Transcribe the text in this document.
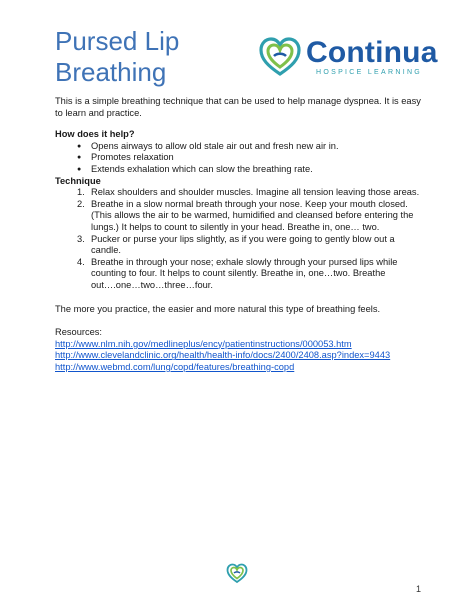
Pursed Lip Breathing
Continua
HOSPICE LEARNING

This is a simple breathing technique that can be used to help manage dyspnea. It is easy to learn and practice.

How does it help?

● Opens airways to allow old stale air out and fresh new air in.
● Promotes relaxation
● Extends exhalation which can slow the breathing rate.

Technique

1. Relax shoulders and shoulder muscles. Imagine all tension leaving those areas.
2. Breathe in a slow normal breath through your nose. Keep your mouth closed. (This allows the air to be warmed, humidified and cleansed before entering the lungs.) It helps to count to silently in your head. Breathe in, one… two.
3. Pucker or purse your lips slightly, as if you were going to gently blow out a candle.
4. Breathe in through your nose; exhale slowly through your pursed lips while counting to four. It helps to count silently. Breathe in, one…two. Breathe out….one…two…three…four.

The more you practice, the easier and more natural this type of breathing feels.

Resources:

http://www.nlm.nih.gov/medlineplus/ency/patientinstructions/000053.htm
http://www.clevelandclinic.org/health/health-info/docs/2400/2408.asp?index=9443
http://www.webmd.com/lung/copd/features/breathing-copd
1
